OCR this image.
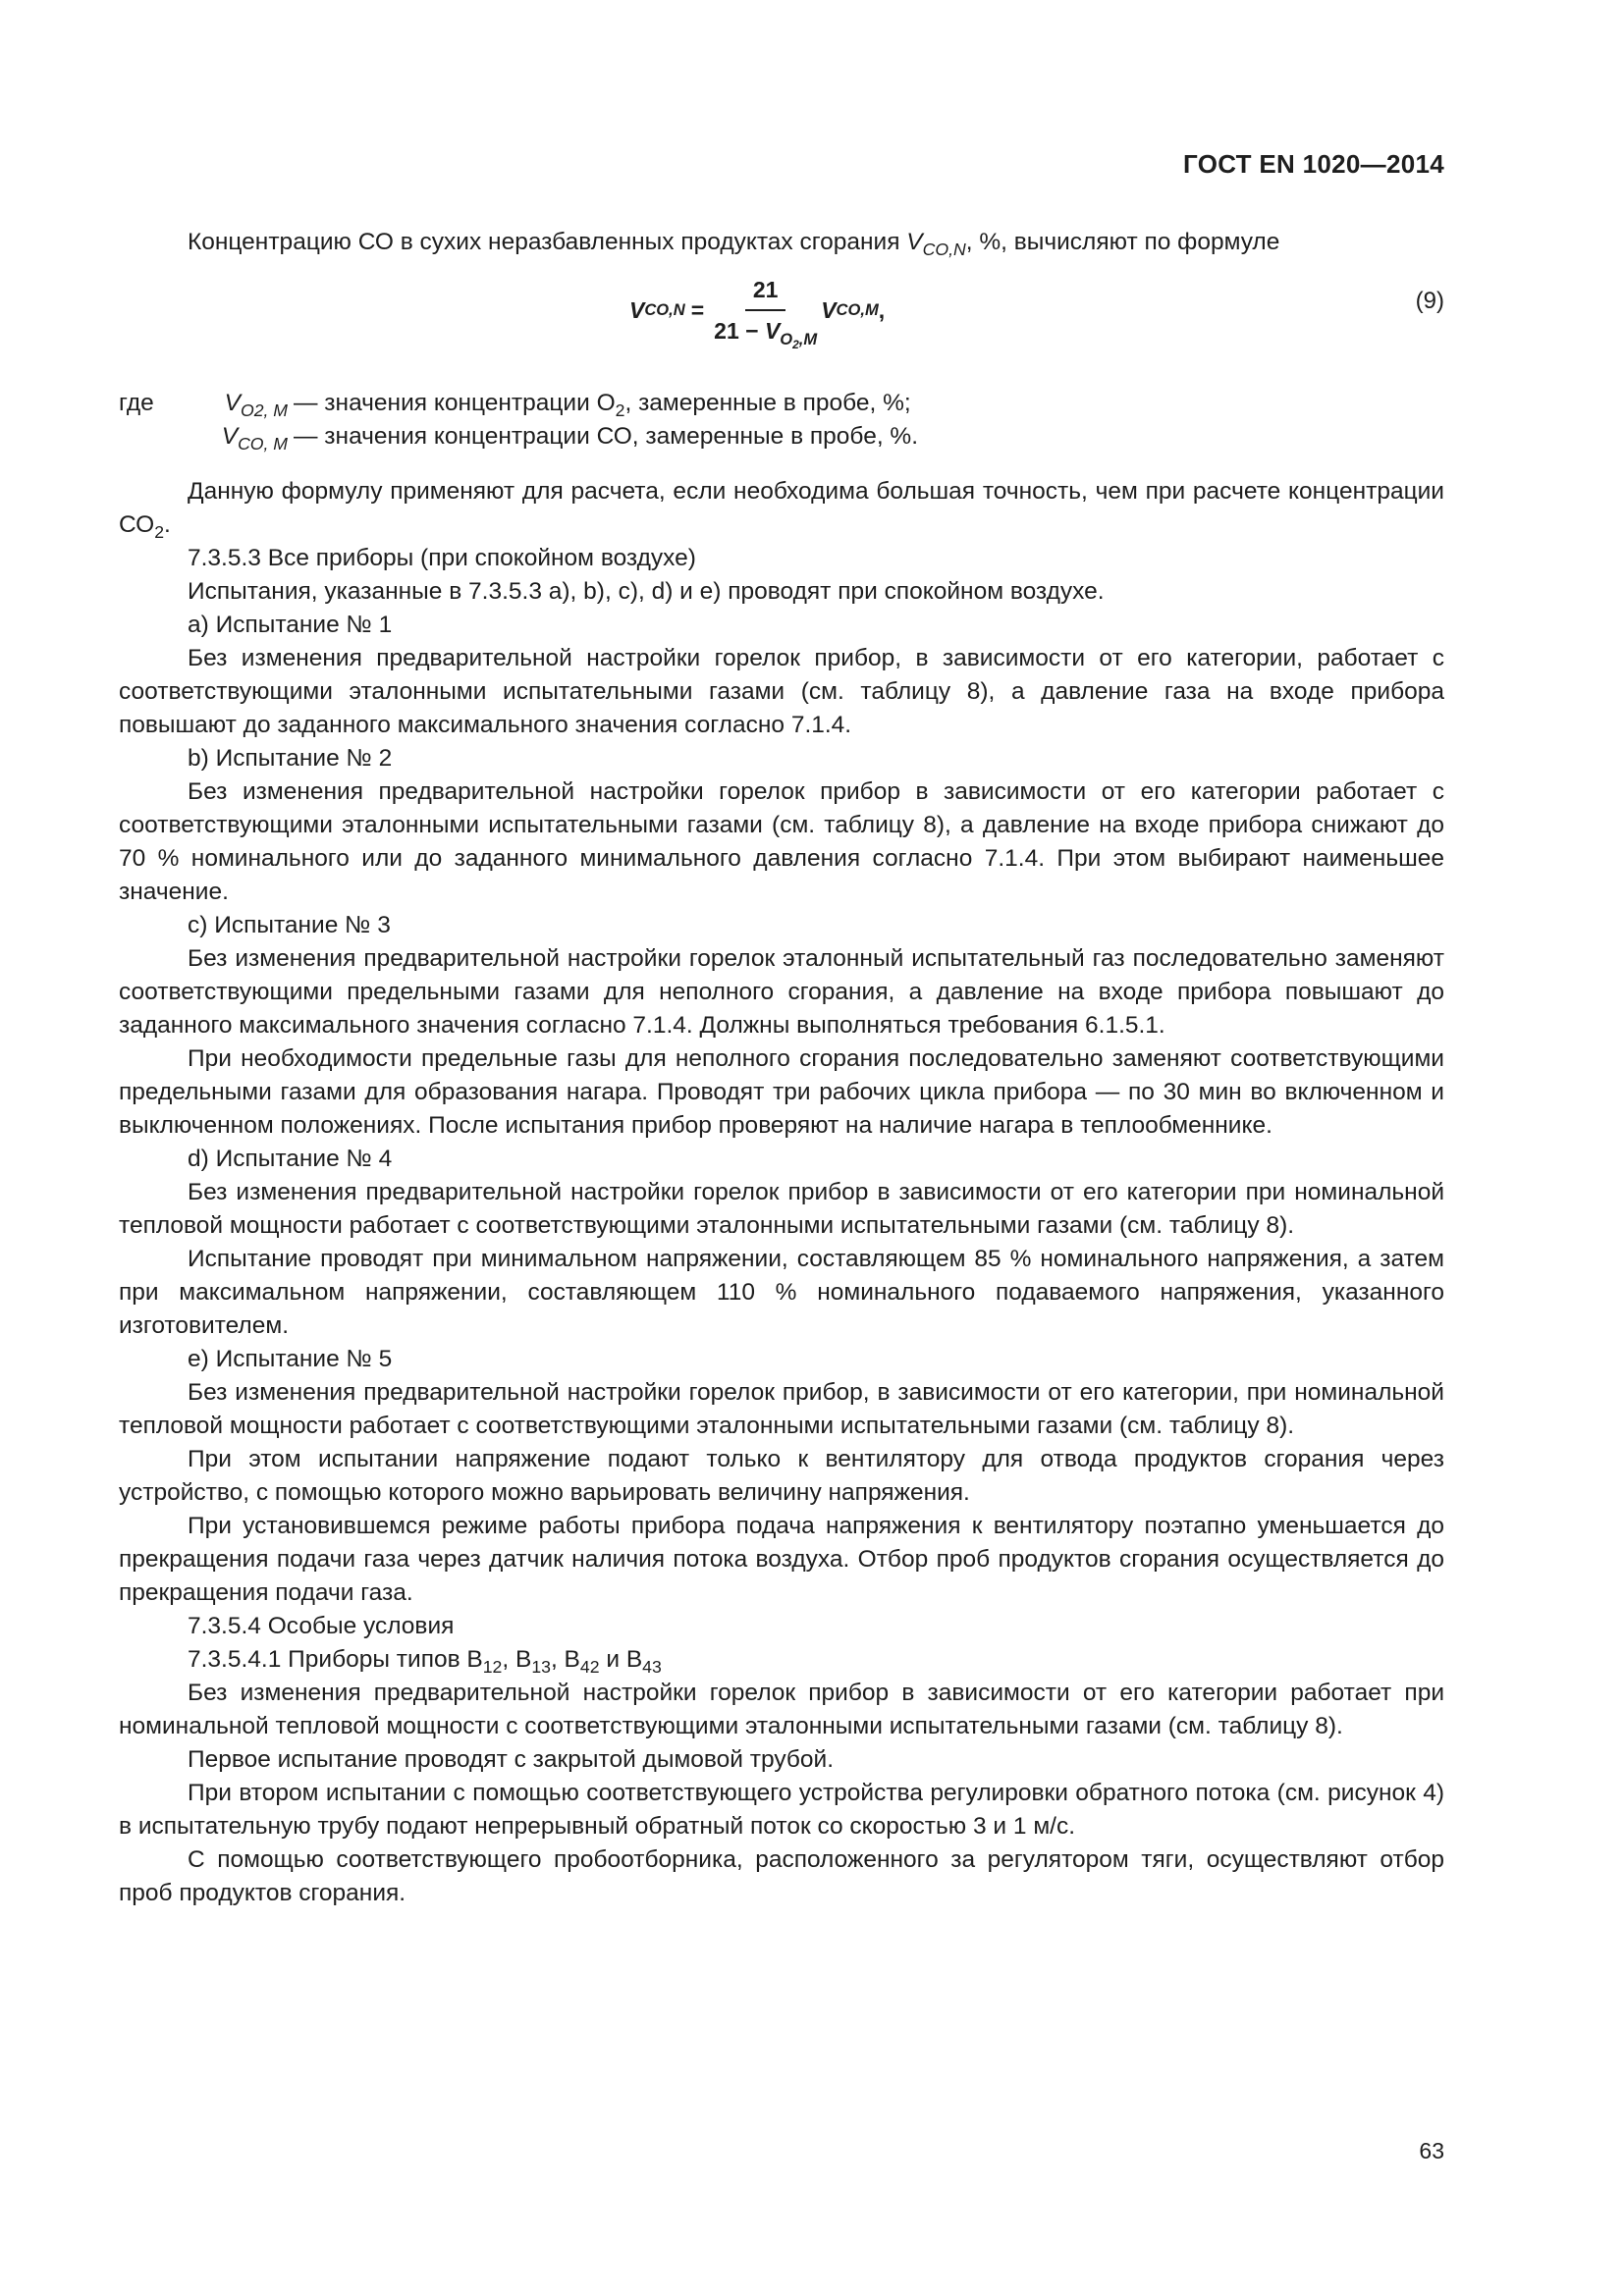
ГОСТ EN 1020—2014

Концентрацию СО в сухих неразбавленных продуктах сгорания $V_{CO,N}$, %, вычисляют по формуле

V $CO,N = \frac{21}{21 - V_{O_2,M}}$ V CO,M ,	(9)
где	$V_{O2, M}$ — значения концентрации $О_2$, замеренные в пробе, %;
$V_{CO, M}$ — значения концентрации СО, замеренные в пробе, %.

Данную формулу применяют для расчета, если необходима большая точность, чем при расчете концентрации $СО_2$.

7.3.5.3 Все приборы (при спокойном воздухе)

Испытания, указанные в 7.3.5.3 а), b), c), d) и e) проводят при спокойном воздухе.

a) Испытание № 1

Без изменения предварительной настройки горелок прибор, в зависимости от его категории, работает с соответствующими эталонными испытательными газами (см. таблицу 8), а давление газа на входе прибора повышают до заданного максимального значения согласно 7.1.4.

b) Испытание № 2

Без изменения предварительной настройки горелок прибор в зависимости от его категории работает с соответствующими эталонными испытательными газами (см. таблицу 8), а давление на входе прибора снижают до 70 % номинального или до заданного минимального давления согласно 7.1.4. При этом выбирают наименьшее значение.

c) Испытание № 3

Без изменения предварительной настройки горелок эталонный испытательный газ последовательно заменяют соответствующими предельными газами для неполного сгорания, а давление на входе прибора повышают до заданного максимального значения согласно 7.1.4. Должны выполняться требования 6.1.5.1.

При необходимости предельные газы для неполного сгорания последовательно заменяют соответствующими предельными газами для образования нагара. Проводят три рабочих цикла прибора — по 30 мин во включенном и выключенном положениях. После испытания прибор проверяют на наличие нагара в теплообменнике.

d) Испытание № 4

Без изменения предварительной настройки горелок прибор в зависимости от его категории при номинальной тепловой мощности работает с соответствующими эталонными испытательными газами (см. таблицу 8).

Испытание проводят при минимальном напряжении, составляющем 85 % номинального напряжения, а затем при максимальном напряжении, составляющем 110 % номинального подаваемого напряжения, указанного изготовителем.

e) Испытание № 5

Без изменения предварительной настройки горелок прибор, в зависимости от его категории, при номинальной тепловой мощности работает с соответствующими эталонными испытательными газами (см. таблицу 8).

При этом испытании напряжение подают только к вентилятору для отвода продуктов сгорания через устройство, с помощью которого можно варьировать величину напряжения.

При установившемся режиме работы прибора подача напряжения к вентилятору поэтапно уменьшается до прекращения подачи газа через датчик наличия потока воздуха. Отбор проб продуктов сгорания осуществляется до прекращения подачи газа.

7.3.5.4 Особые условия

7.3.5.4.1 Приборы типов $В_{12}$, $В_{13}$, $В_{42}$ и $В_{43}$

Без изменения предварительной настройки горелок прибор в зависимости от его категории работает при номинальной тепловой мощности с соответствующими эталонными испытательными газами (см. таблицу 8).

Первое испытание проводят с закрытой дымовой трубой.

При втором испытании с помощью соответствующего устройства регулировки обратного потока (см. рисунок 4) в испытательную трубу подают непрерывный обратный поток со скоростью 3 и 1 м/с.

С помощью соответствующего пробоотборника, расположенного за регулятором тяги, осуществляют отбор проб продуктов сгорания.

63
